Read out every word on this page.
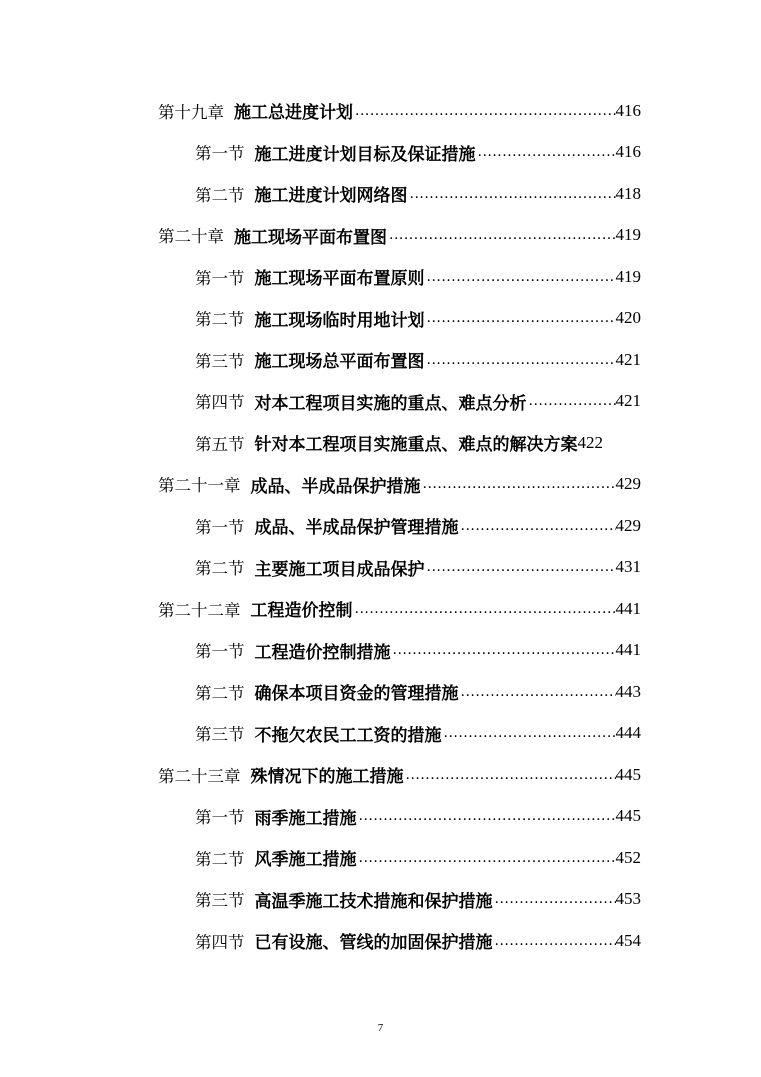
第十九章 施工总进度计划 .....	416
第一节 施工进度计划目标及保证措施 .....	416
第二节 施工进度计划网络图 .....	418
第二十章 施工现场平面布置图 .....	419
第一节 施工现场平面布置原则 .....	419
第二节 施工现场临时用地计划 .....	420
第三节 施工现场总平面布置图 .....	421
第四节 对本工程项目实施的重点、难点分析 .....	421
第五节 针对本工程项目实施重点、难点的解决方案 422
第二十一章 成品、半成品保护措施 .....	429
第一节 成品、半成品保护管理措施 .....	429
第二节 主要施工项目成品保护 .....	431
第二十二章 工程造价控制 .....	441
第一节 工程造价控制措施 .....	441
第二节 确保本项目资金的管理措施 .....	443
第三节 不拖欠农民工工资的措施 .....	444
第二十三章 殊情况下的施工措施 .....	445
第一节 雨季施工措施 .....	445
第二节 风季施工措施 .....	452
第三节 高温季施工技术措施和保护措施 .....	453
第四节 已有设施、管线的加固保护措施 .....	454
7
